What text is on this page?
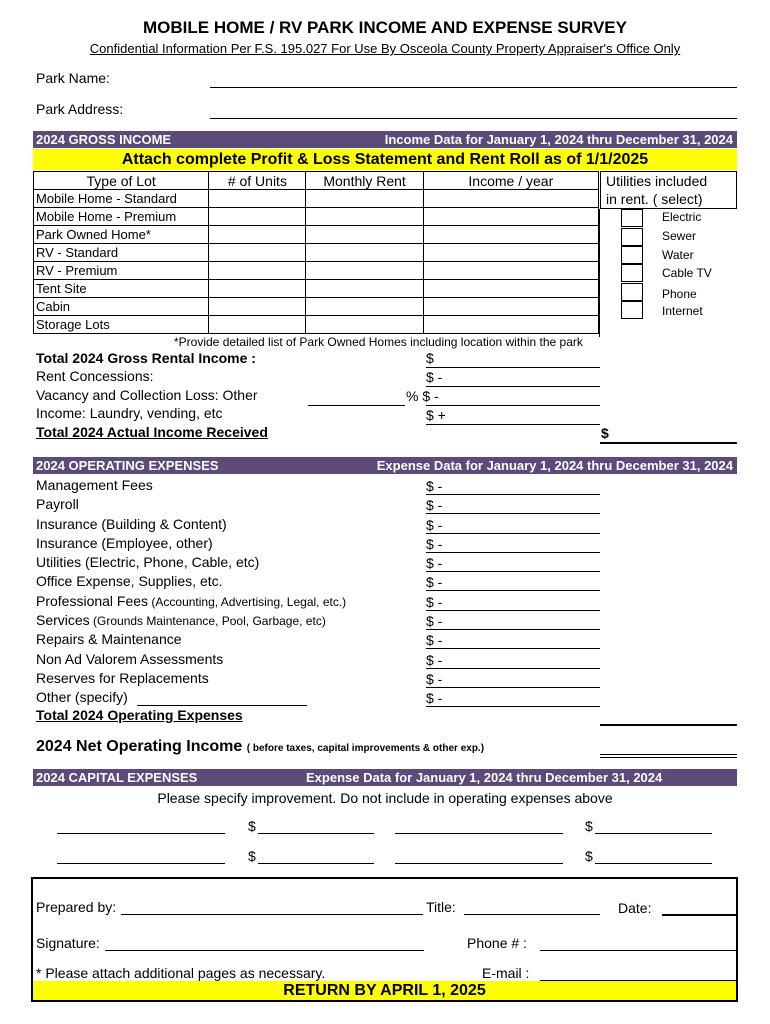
MOBILE HOME / RV PARK INCOME AND EXPENSE SURVEY
Confidential Information Per F.S. 195.027 For Use By Osceola County Property Appraiser's Office Only
Park Name:
Park Address:
2024 GROSS INCOME	Income Data for January 1, 2024 thru December 31, 2024
Attach complete Profit & Loss Statement and Rent Roll as of 1/1/2025
Type of Lot	# of Units	Monthly Rent	Income / year
Mobile Home - Standard			
Mobile Home - Premium			
Park Owned Home*			
RV - Standard			
RV - Premium			
Tent Site			
Cabin			
Storage Lots			
Utilities included
in rent. ( select)
Electric
Sewer
Water
Cable TV
Phone
Internet
*Provide detailed list of Park Owned Homes including location within the park
Total 2024 Gross Rental Income :	$
Rent Concessions:	$ -
Vacancy and Collection Loss: Other	% $ -
Income: Laundry, vending, etc	$ +
Total 2024 Actual Income Received	$
2024 OPERATING EXPENSES	Expense Data for January 1, 2024 thru December 31, 2024
Management Fees	$ -
Payroll	$ -
Insurance (Building & Content)	$ -
Insurance (Employee, other)	$ -
Utilities (Electric, Phone, Cable, etc)	$ -
Office Expense, Supplies, etc.	$ -
Professional Fees (Accounting, Advertising, Legal, etc.)	$ -
Services (Grounds Maintenance, Pool, Garbage, etc)	$ -
Repairs & Maintenance	$ -
Non Ad Valorem Assessments	$ -
Reserves for Replacements	$ -
Other (specify)	$ -
Total 2024 Operating Expenses
2024 Net Operating Income ( before taxes, capital improvements & other exp.)
2024 CAPITAL EXPENSES	Expense Data for January 1, 2024 thru December 31, 2024
Please specify improvement. Do not include in operating expenses above
$	$
$	$
Prepared by:	Title:	Date:
Signature:	Phone # :
* Please attach additional pages as necessary.	E-mail :
RETURN BY APRIL 1, 2025
